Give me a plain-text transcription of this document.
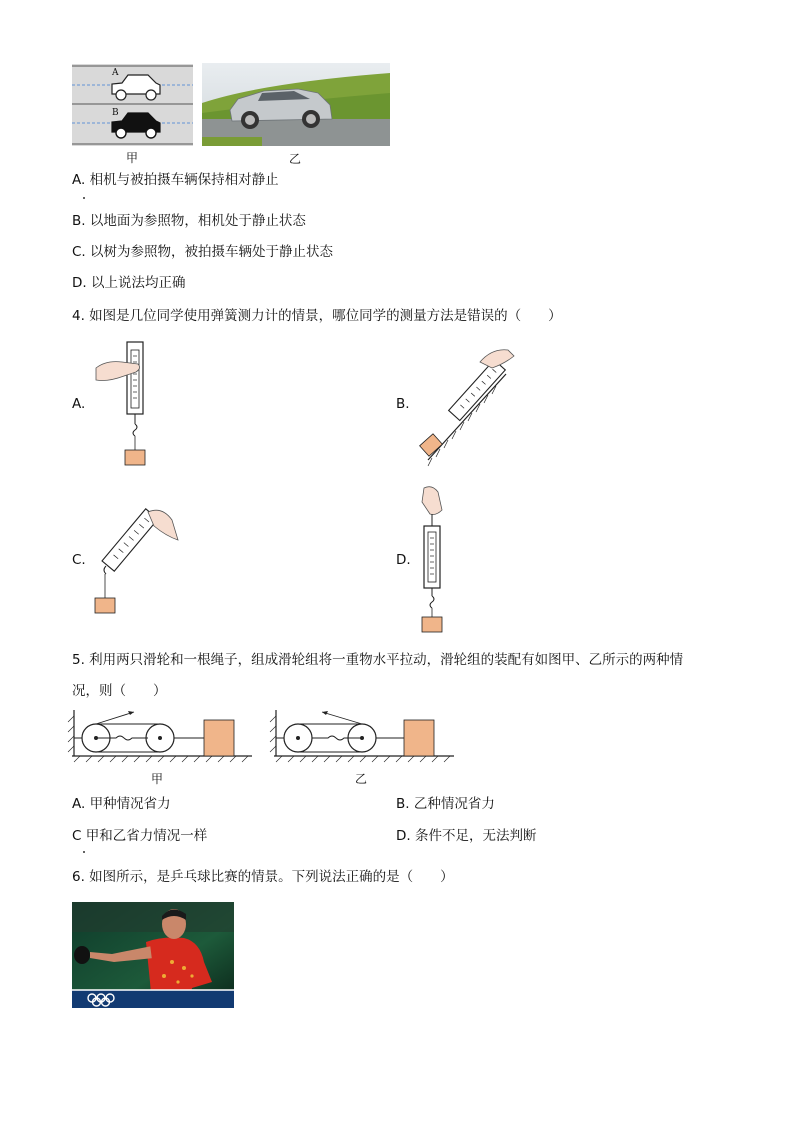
A
B
甲	乙
A. 相机与被拍摄车辆保持相对静止
B. 以地面为参照物，相机处于静止状态
C. 以树为参照物，被拍摄车辆处于静止状态
D. 以上说法均正确
4. 如图是几位同学使用弹簧测力计的情景，哪位同学的测量方法是错误的（　　）
A.	B.
C.	D.
5. 利用两只滑轮和一根绳子，组成滑轮组将一重物水平拉动，滑轮组的装配有如图甲、乙所示的两种情
况，则（　　）
甲	乙
A. 甲种情况省力	B. 乙种情况省力
C 甲和乙省力情况一样	D. 条件不足，无法判断
6. 如图所示，是乒乓球比赛的情景。下列说法正确的是（　　）
